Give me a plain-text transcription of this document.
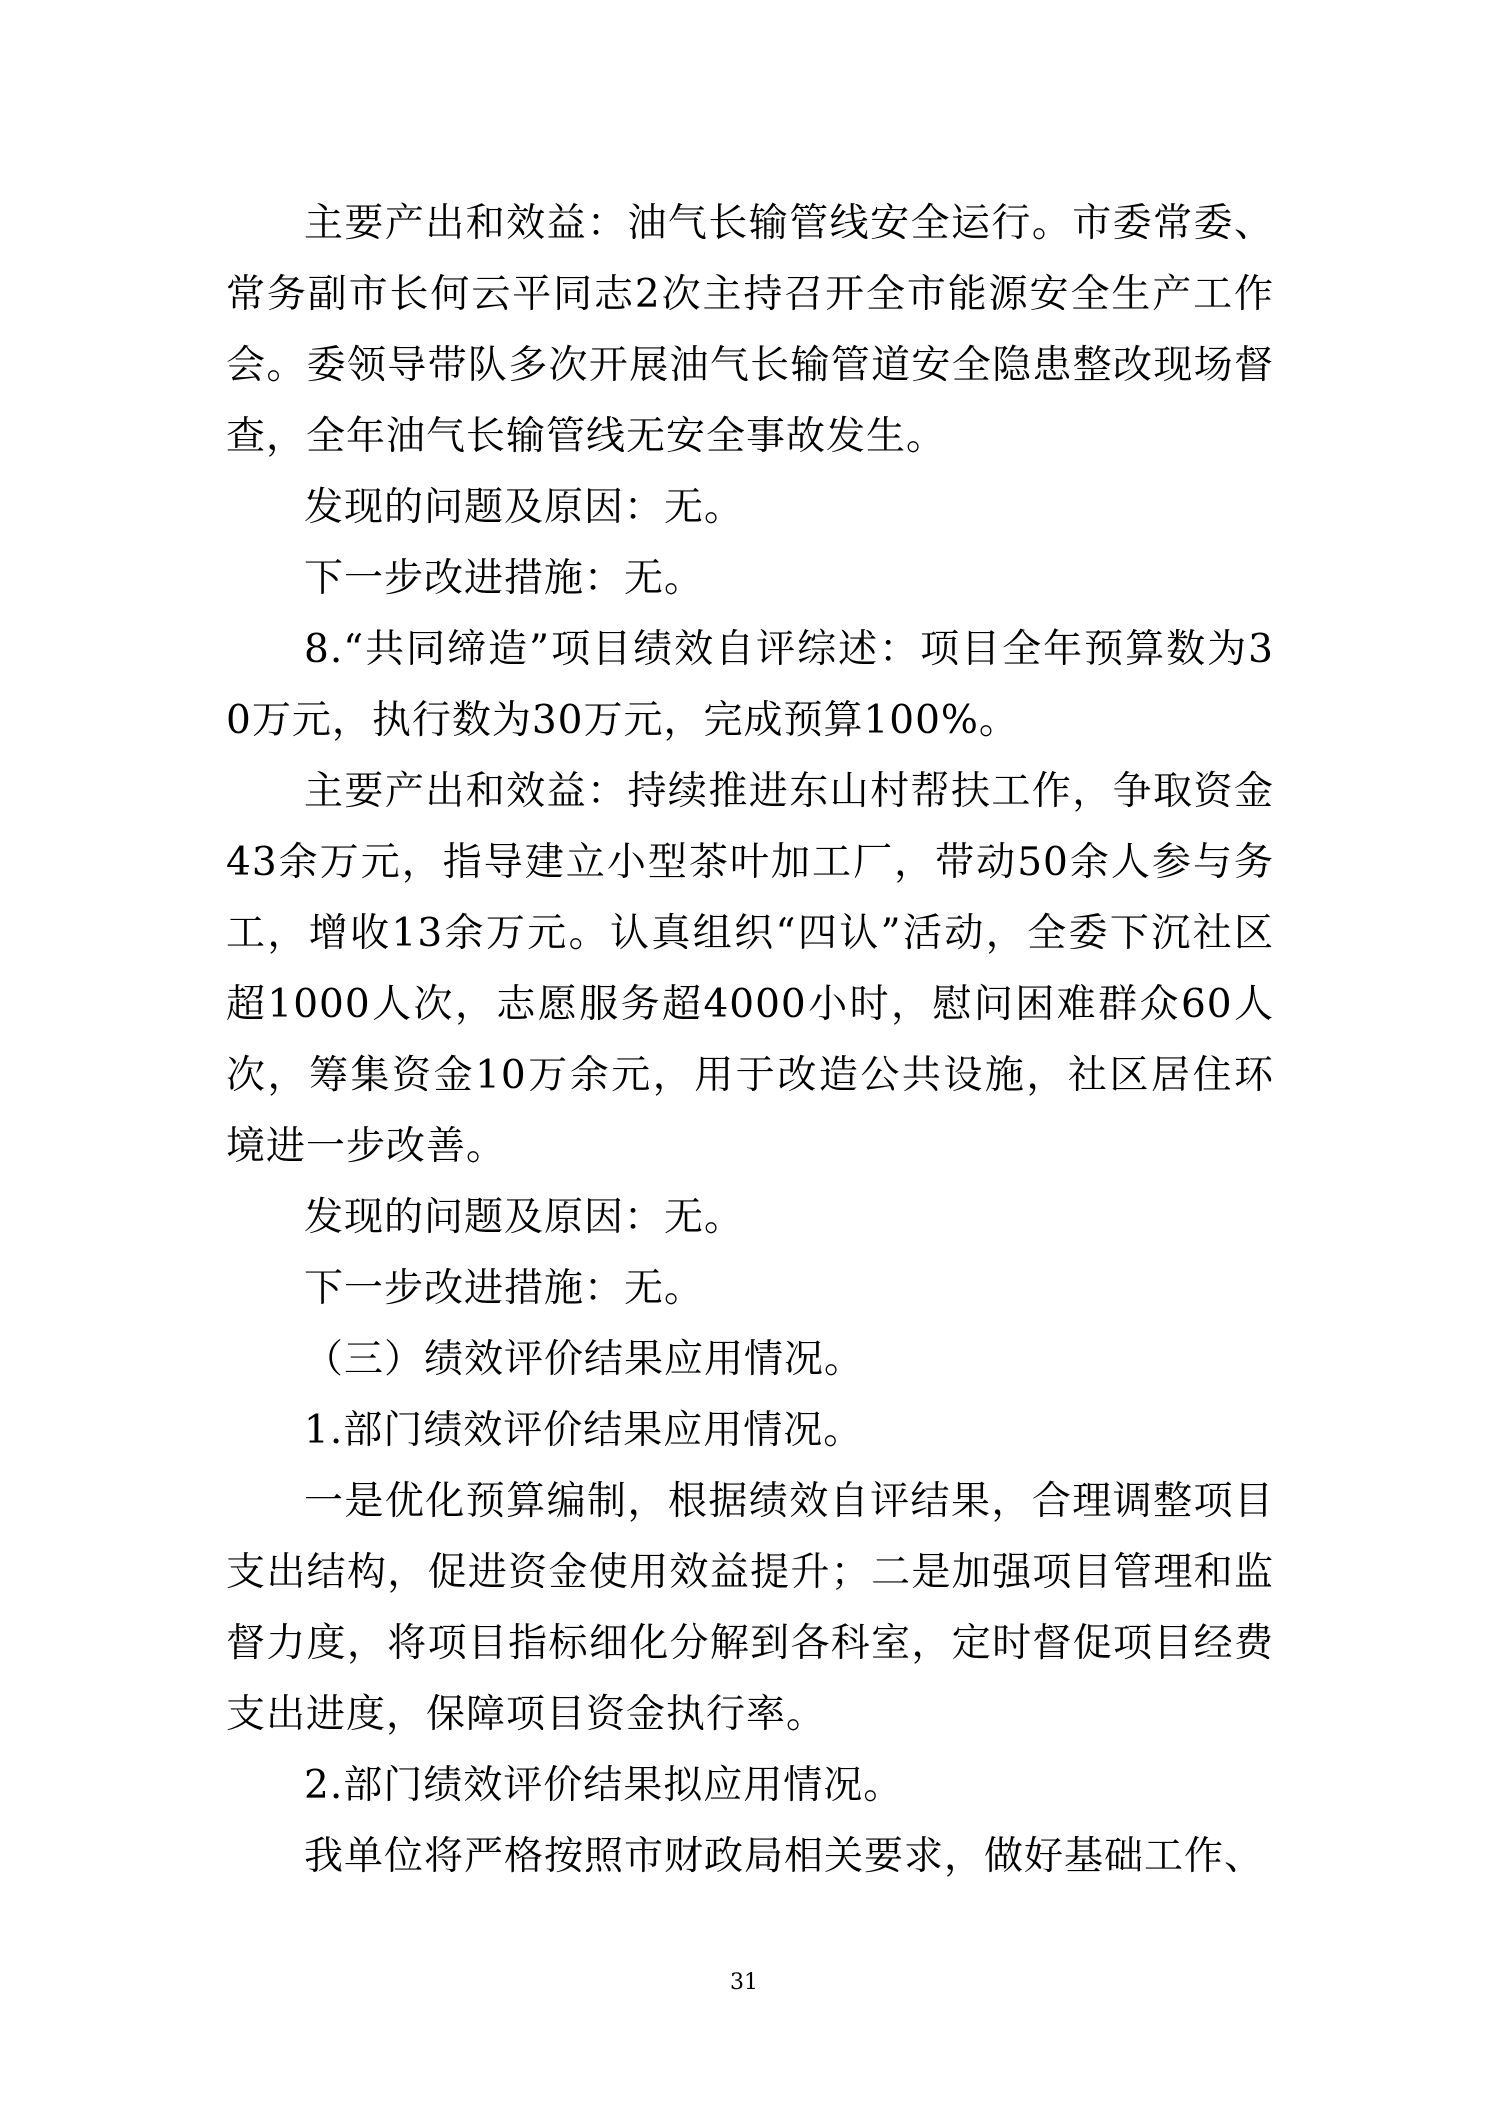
主要产出和效益：油气长输管线安全运行。市委常委、常务副市长何云平同志2次主持召开全市能源安全生产工作会。委领导带队多次开展油气长输管道安全隐患整改现场督查，全年油气长输管线无安全事故发生。

发现的问题及原因：无。

下一步改进措施：无。

8.“共同缔造”项目绩效自评综述：项目全年预算数为30万元，执行数为30万元，完成预算100%。

主要产出和效益：持续推进东山村帮扶工作，争取资金43余万元，指导建立小型茶叶加工厂，带动50余人参与务工，增收13余万元。认真组织“四认”活动，全委下沉社区超1000人次，志愿服务超4000小时，慰问困难群众60人次，筹集资金10万余元，用于改造公共设施，社区居住环境进一步改善。

发现的问题及原因：无。

下一步改进措施：无。

（三）绩效评价结果应用情况。

1.部门绩效评价结果应用情况。

一是优化预算编制，根据绩效自评结果，合理调整项目支出结构，促进资金使用效益提升；二是加强项目管理和监督力度，将项目指标细化分解到各科室，定时督促项目经费支出进度，保障项目资金执行率。

2.部门绩效评价结果拟应用情况。

我单位将严格按照市财政局相关要求，做好基础工作、

31
